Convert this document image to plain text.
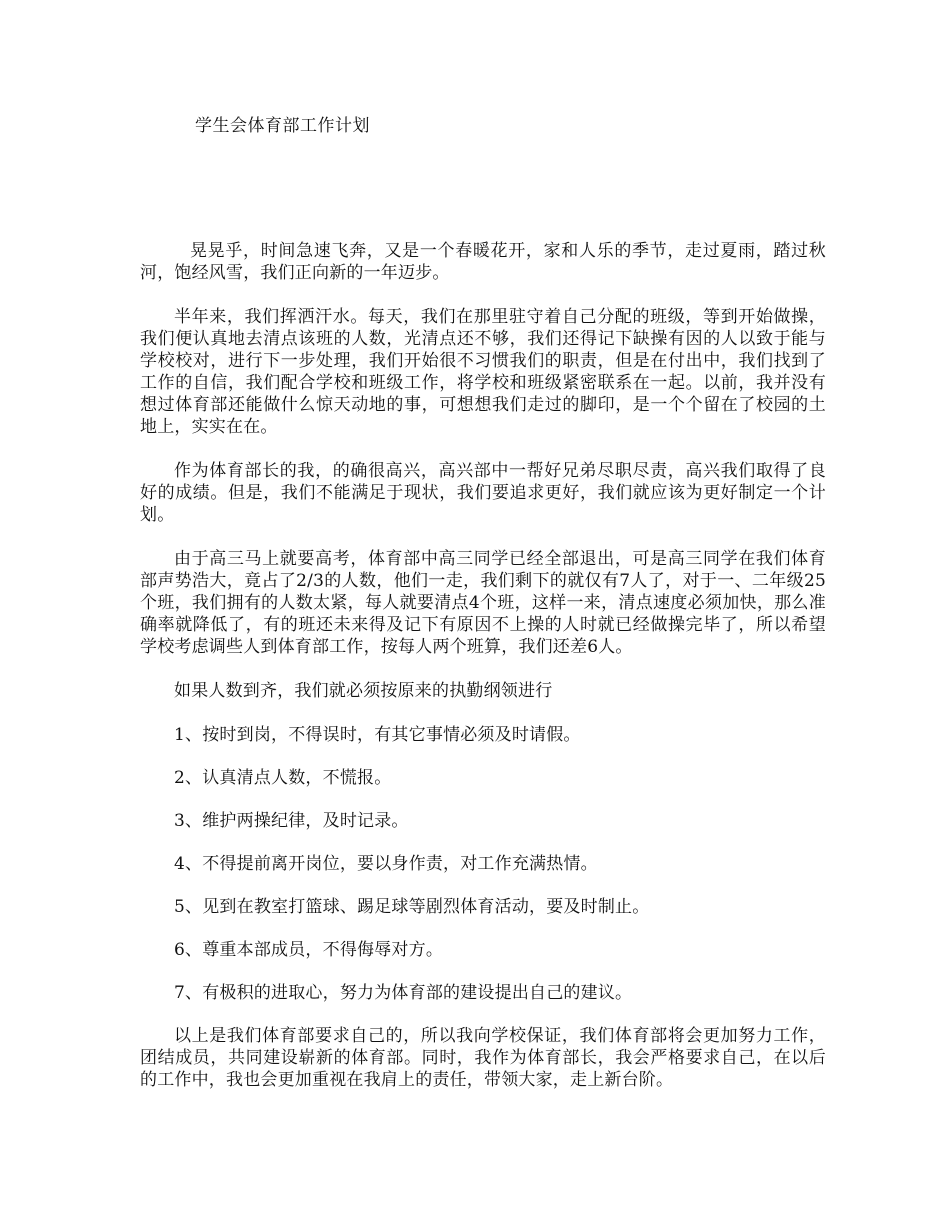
学生会体育部工作计划

晃晃乎，时间急速飞奔，又是一个春暖花开，家和人乐的季节，走过夏雨，踏过秋河，饱经风雪，我们正向新的一年迈步。

半年来，我们挥洒汗水。每天，我们在那里驻守着自己分配的班级，等到开始做操，我们便认真地去清点该班的人数，光清点还不够，我们还得记下缺操有因的人以致于能与学校校对，进行下一步处理，我们开始很不习惯我们的职责，但是在付出中，我们找到了工作的自信，我们配合学校和班级工作，将学校和班级紧密联系在一起。以前，我并没有想过体育部还能做什么惊天动地的事，可想想我们走过的脚印，是一个个留在了校园的土地上，实实在在。

作为体育部长的我，的确很高兴，高兴部中一帮好兄弟尽职尽责，高兴我们取得了良好的成绩。但是，我们不能满足于现状，我们要追求更好，我们就应该为更好制定一个计划。

由于高三马上就要高考，体育部中高三同学已经全部退出，可是高三同学在我们体育部声势浩大，竟占了2/3的人数，他们一走，我们剩下的就仅有7人了，对于一、二年级25个班，我们拥有的人数太紧，每人就要清点4个班，这样一来，清点速度必须加快，那么准确率就降低了，有的班还未来得及记下有原因不上操的人时就已经做操完毕了，所以希望学校考虑调些人到体育部工作，按每人两个班算，我们还差6人。

如果人数到齐，我们就必须按原来的执勤纲领进行

1、按时到岗，不得误时，有其它事情必须及时请假。

2、认真清点人数，不慌报。

3、维护两操纪律，及时记录。

4、不得提前离开岗位，要以身作责，对工作充满热情。

5、见到在教室打篮球、踢足球等剧烈体育活动，要及时制止。

6、尊重本部成员，不得侮辱对方。

7、有极积的进取心，努力为体育部的建设提出自己的建议。

以上是我们体育部要求自己的，所以我向学校保证，我们体育部将会更加努力工作，团结成员，共同建设崭新的体育部。同时，我作为体育部长，我会严格要求自己，在以后的工作中，我也会更加重视在我肩上的责任，带领大家，走上新台阶。
